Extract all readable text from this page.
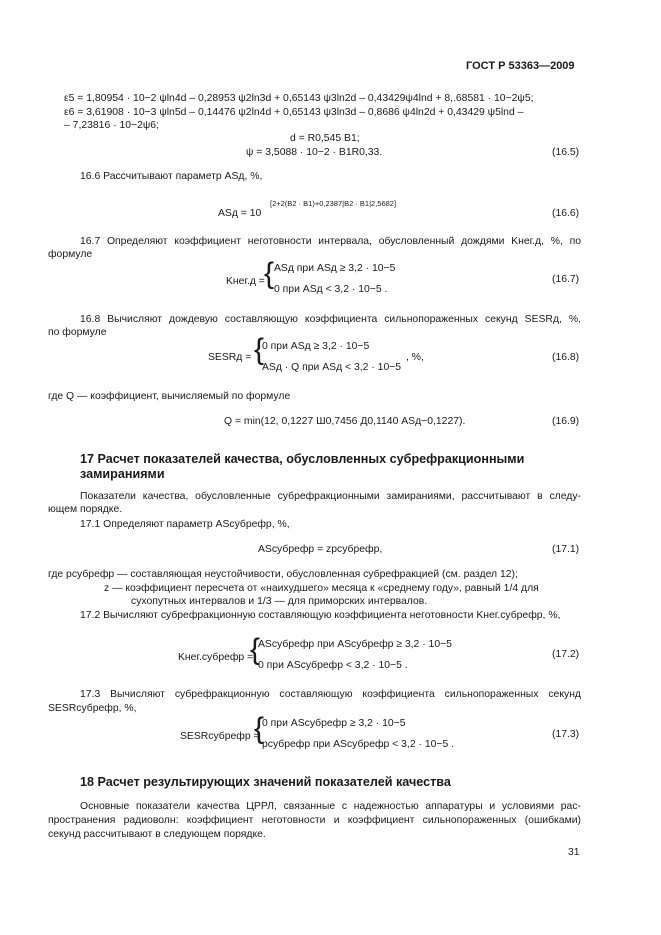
ГОСТ Р 53363—2009
ε5 = 1,80954 · 10−2 ψln4d – 0,28953 ψ2ln3d + 0,65143 ψ3ln2d – 0,43429ψ4lnd + 8,.68581 · 10−2ψ5;
ε6 = 3,61908 · 10−3 ψln5d – 0,14476 ψ2ln4d + 0,65143 ψ3ln3d – 0,8686 ψ4ln2d + 0,43429 ψ5lnd –
– 7,23816 · 10−2ψ6;
d = R0,545 B1;
ψ = 3,5088 · 10−2 · B1R0,33.	(16.5)
16.6 Рассчитывают параметр ASд, %,
ASд = 10
[2+2(B2 · B1)+0,2387|B2 · B1|2,5682]
(16.6)
16.7 Определяют коэффициент неготовности интервала, обусловленный дождями Kнег.д, %, по
формуле
Kнег.д = { ASд при ASд ≥ 3,2 · 10−5
0 при ASд < 3,2 · 10−5 .
(16.7)
16.8 Вычисляют дождевую составляющую коэффициента сильнопораженных секунд SESRд, %,
по формуле
SESRд = {
0 при ASд ≥ 3,2 · 10−5
ASд · Q при ASд < 3,2 · 10−5
, %,	(16.8)
где Q — коэффициент, вычисляемый по формуле
Q = min(12, 0,1227 Ш0,7456 Д0,1140 ASд−0,1227).	(16.9)
17 Расчет показателей качества, обусловленных субрефракционными
замираниями
Показатели качества, обусловленные субрефракционными замираниями, рассчитывают в следу-
ющем порядке.
17.1 Определяют параметр ASсубрефр, %,
ASсубрефр = zpсубрефр,	(17.1)
где pсубрефр — составляющая неустойчивости, обусловленная субрефракцией (см. раздел 12);
z — коэффициент пересчета от «наихудшего» месяца к «среднему году», равный 1/4 для
сухопутных интервалов и 1/3 — для приморских интервалов.
17.2 Вычисляют субрефракционную составляющую коэффициента неготовности Kнег.субрефр, %,
Kнег.субрефр =
{
ASсубрефр при ASсубрефр ≥ 3,2 · 10−5
0 при ASсубрефр < 3,2 · 10−5 .
(17.2)
17.3 Вычисляют субрефракционную составляющую коэффициента сильнопораженных секунд
SESRсубрефр, %,
SESRсубрефр =
{
0 при ASсубрефр ≥ 3,2 · 10−5
pсубрефр при ASсубрефр < 3,2 · 10−5 .
(17.3)
18 Расчет результирующих значений показателей качества
Основные показатели качества ЦРРЛ, связанные с надежностью аппаратуры и условиями рас-
пространения радиоволн: коэффициент неготовности и коэффициент сильнопораженных (ошибками)
секунд рассчитывают в следующем порядке.
31
